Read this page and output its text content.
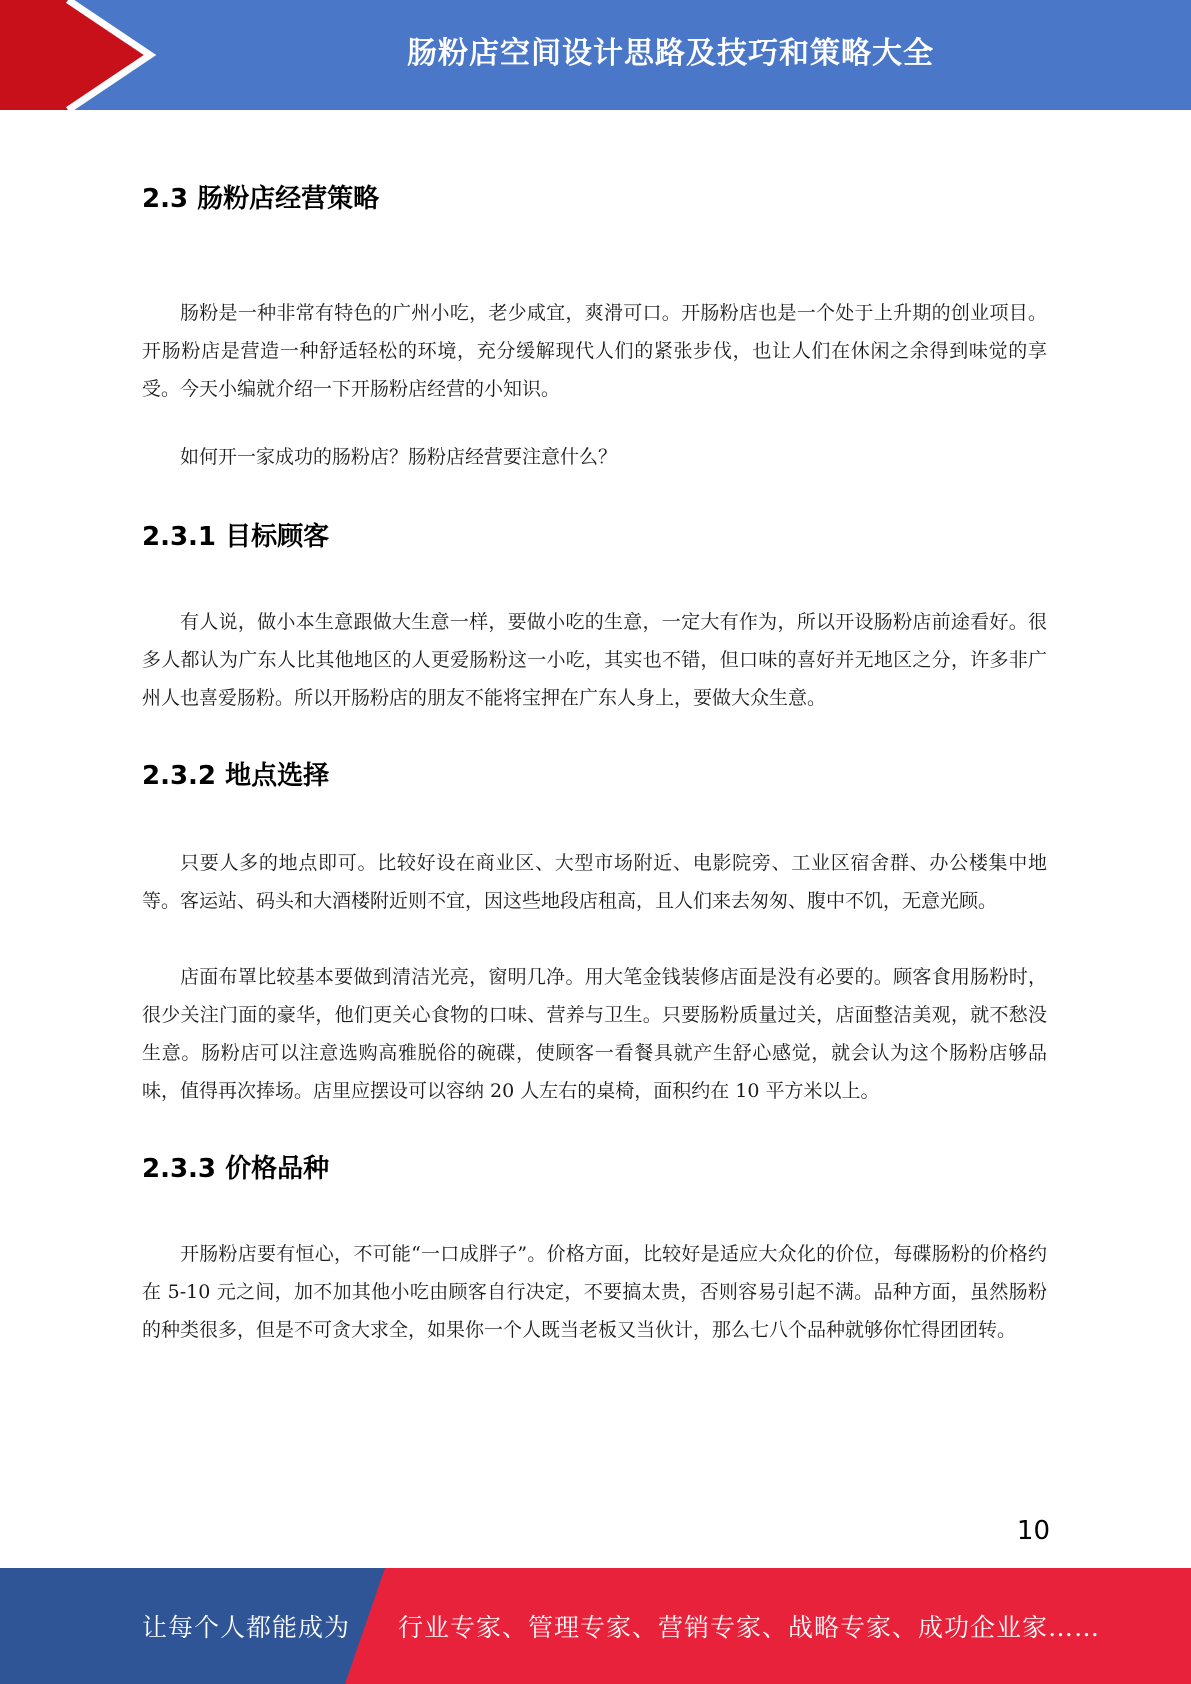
肠粉店空间设计思路及技巧和策略大全
2.3 肠粉店经营策略

肠粉是一种非常有特色的广州小吃，老少咸宜，爽滑可口。开肠粉店也是一个处于上升期的创业项目。开肠粉店是营造一种舒适轻松的环境，充分缓解现代人们的紧张步伐，也让人们在休闲之余得到味觉的享受。今天小编就介绍一下开肠粉店经营的小知识。

如何开一家成功的肠粉店？肠粉店经营要注意什么？

2.3.1 目标顾客

有人说，做小本生意跟做大生意一样，要做小吃的生意，一定大有作为，所以开设肠粉店前途看好。很多人都认为广东人比其他地区的人更爱肠粉这一小吃，其实也不错，但口味的喜好并无地区之分，许多非广州人也喜爱肠粉。所以开肠粉店的朋友不能将宝押在广东人身上，要做大众生意。

2.3.2 地点选择

只要人多的地点即可。比较好设在商业区、大型市场附近、电影院旁、工业区宿舍群、办公楼集中地等。客运站、码头和大酒楼附近则不宜，因这些地段店租高，且人们来去匆匆、腹中不饥，无意光顾。

店面布罩比较基本要做到清洁光亮，窗明几净。用大笔金钱装修店面是没有必要的。顾客食用肠粉时，很少关注门面的豪华，他们更关心食物的口味、营养与卫生。只要肠粉质量过关，店面整洁美观，就不愁没生意。肠粉店可以注意选购高雅脱俗的碗碟，使顾客一看餐具就产生舒心感觉，就会认为这个肠粉店够品味，值得再次捧场。店里应摆设可以容纳 20 人左右的桌椅，面积约在 10 平方米以上。

2.3.3 价格品种

开肠粉店要有恒心，不可能“一口成胖子”。价格方面，比较好是适应大众化的价位，每碟肠粉的价格约在 5-10 元之间，加不加其他小吃由顾客自行决定，不要搞太贵，否则容易引起不满。品种方面，虽然肠粉的种类很多，但是不可贪大求全，如果你一个人既当老板又当伙计，那么七八个品种就够你忙得团团转。

10
让每个人都能成为 行业专家、管理专家、营销专家、战略专家、成功企业家……
